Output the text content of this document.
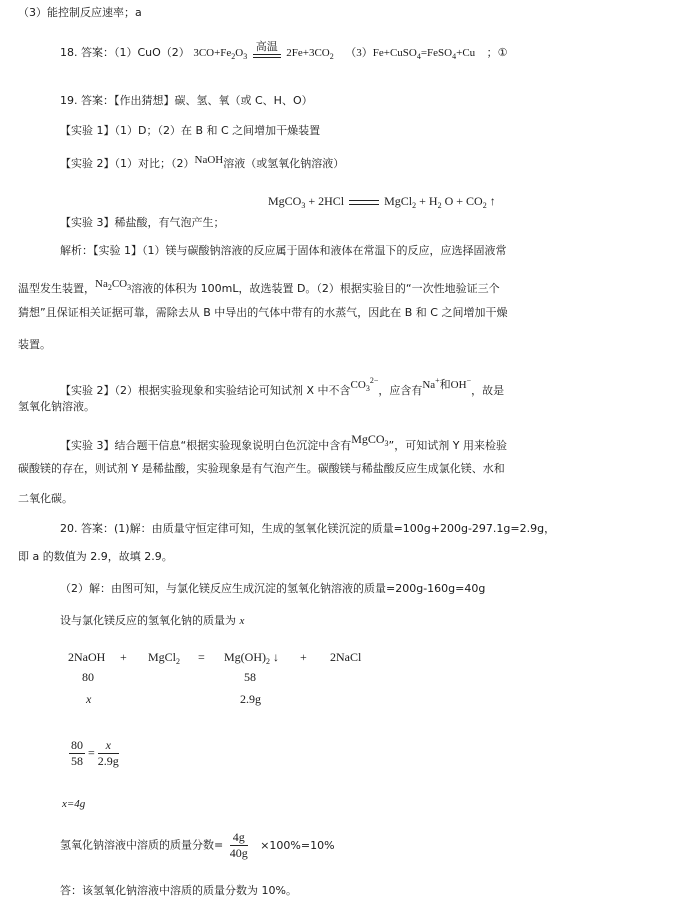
（3）能控制反应速率；a
18. 答案：（1）CuO（2） $3CO+Fe_2O_3$
高温 $2Fe+3CO_2$ （3）Fe+CuSO$_4$=FeSO$_4$+Cu ；①
19. 答案：【作出猜想】碳、氢、氧（或 C、H、O）
【实验 1】（1）D；（2）在 B 和 C 之间增加干燥装置
【实验 2】（1）对比；（2）NaOH溶液（或氢氧化钠溶液）
MgCO$_3$ + 2HCl	MgCl$_2$ + $H_2$ $O + CO_2$ ↑
【实验 3】稀盐酸，有气泡产生；
解析：【实验 1】（1）镁与碳酸钠溶液的反应属于固体和液体在常温下的反应，应选择固液常
温型发生装置，$Na_2CO_3$溶液的体积为 100mL，故选装置 D。（2）根据实验目的“一次性地验证三个
猜想”且保证相关证据可靠，需除去从 B 中导出的气体中带有的水蒸气，因此在 B 和 C 之间增加干燥
装置。
【实验 2】（2）根据实验现象和实验结论可知试剂 X 中不含$CO_3^{2-}$，应含有Na+和OH−，故是
氢氧化钠溶液。
【实验 3】结合题干信息“根据实验现象说明白色沉淀中含有MgCO$_3$”，可知试剂 Y 用来检验
碳酸镁的存在，则试剂 Y 是稀盐酸，实验现象是有气泡产生。碳酸镁与稀盐酸反应生成氯化镁、水和
二氧化碳。
20. 答案：(1)解：由质量守恒定律可知，生成的氢氧化镁沉淀的质量=100g+200g-297.1g=2.9g，
即 a 的数值为 2.9，故填 2.9。
（2）解：由图可知，与氯化镁反应生成沉淀的氢氧化钠溶液的质量=200g-160g=40g
设与氯化镁反应的氢氧化钠的质量为 x
2NaOH + MgCl$_2$ = $Mg(OH)_2$ ↓ + 2NaCl
80	58
x	2.9g
$\frac{80}{58} = \frac{x}{2.9g}$
x=4g
氢氧化钠溶液中溶质的质量分数= $\frac{4g}{40g} \times 100\%=10\%$
答：该氢氧化钠溶液中溶质的质量分数为 10%。
